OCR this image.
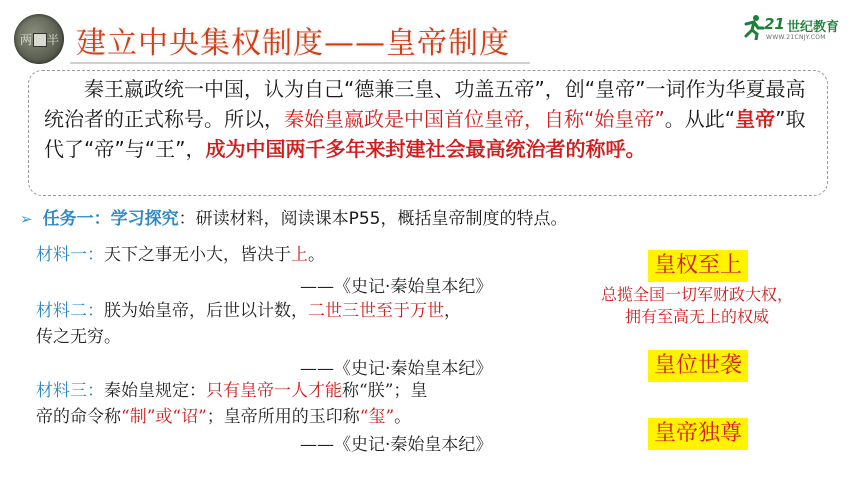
两 半 建立中央集权制度——皇帝制度
21 世纪教育
WWW.21CNJY.COM
　　秦王嬴政统一中国，认为自己“德兼三皇、功盖五帝”，创“皇帝”一词作为华夏最高统治者的正式称号。所以，秦始皇嬴政是中国首位皇帝，自称“始皇帝”。从此“皇帝”取代了“帝”与“王”，成为中国两千多年来封建社会最高统治者的称呼。
➢ 任务一：学习探究：研读材料，阅读课本P55，概括皇帝制度的特点。
材料一：天下之事无小大，皆决于上。
——《史记·秦始皇本纪》
材料二：朕为始皇帝，后世以计数，二世三世至于万世，
传之无穷。
——《史记·秦始皇本纪》
材料三：秦始皇规定：只有皇帝一人才能称“朕”；皇
帝的命令称“制”或“诏”；皇帝所用的玉印称“玺”。
——《史记·秦始皇本纪》
皇权至上
总揽全国一切军财政大权，
拥有至高无上的权威
皇位世袭
皇帝独尊
